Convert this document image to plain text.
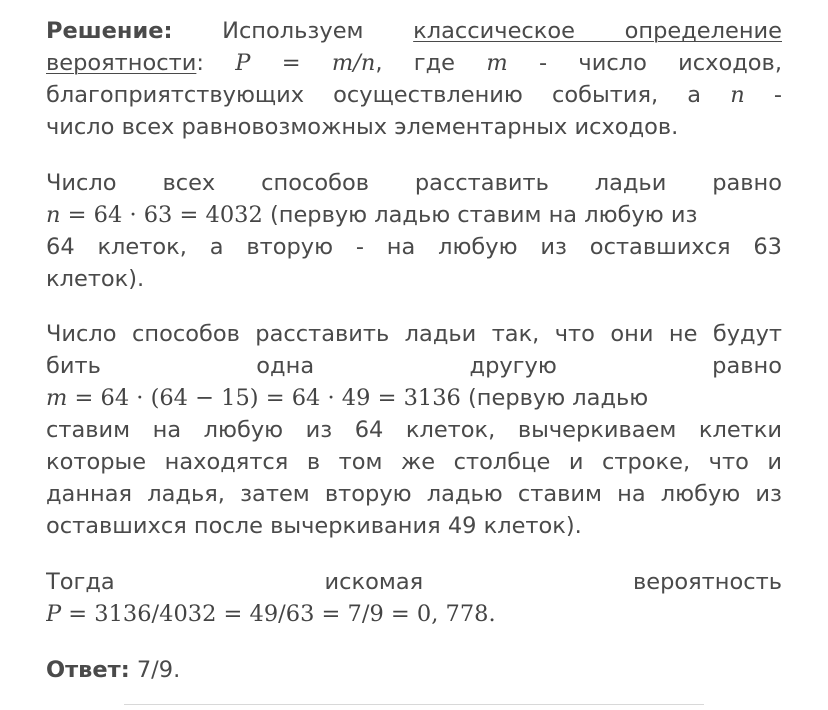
Решение: Используем классическое определение
вероятности: P = m/n, где m - число исходов,
благоприятствующих осуществлению события, а n -
число всех равновозможных элементарных исходов.
Число всех способов расставить ладьи равно
n = 64 · 63 = 4032 (первую ладью ставим на любую из
64 клеток, а вторую - на любую из оставшихся 63
клеток).
Число способов расставить ладьи так, что они не будут
бить одна другую равно
m = 64 · (64 − 15) = 64 · 49 = 3136 (первую ладью
ставим на любую из 64 клеток, вычеркиваем клетки
которые находятся в том же столбце и строке, что и
данная ладья, затем вторую ладью ставим на любую из
оставшихся после вычеркивания 49 клеток).
Тогда искомая вероятность
P = 3136/4032 = 49/63 = 7/9 = 0, 778.
Ответ: 7/9.
